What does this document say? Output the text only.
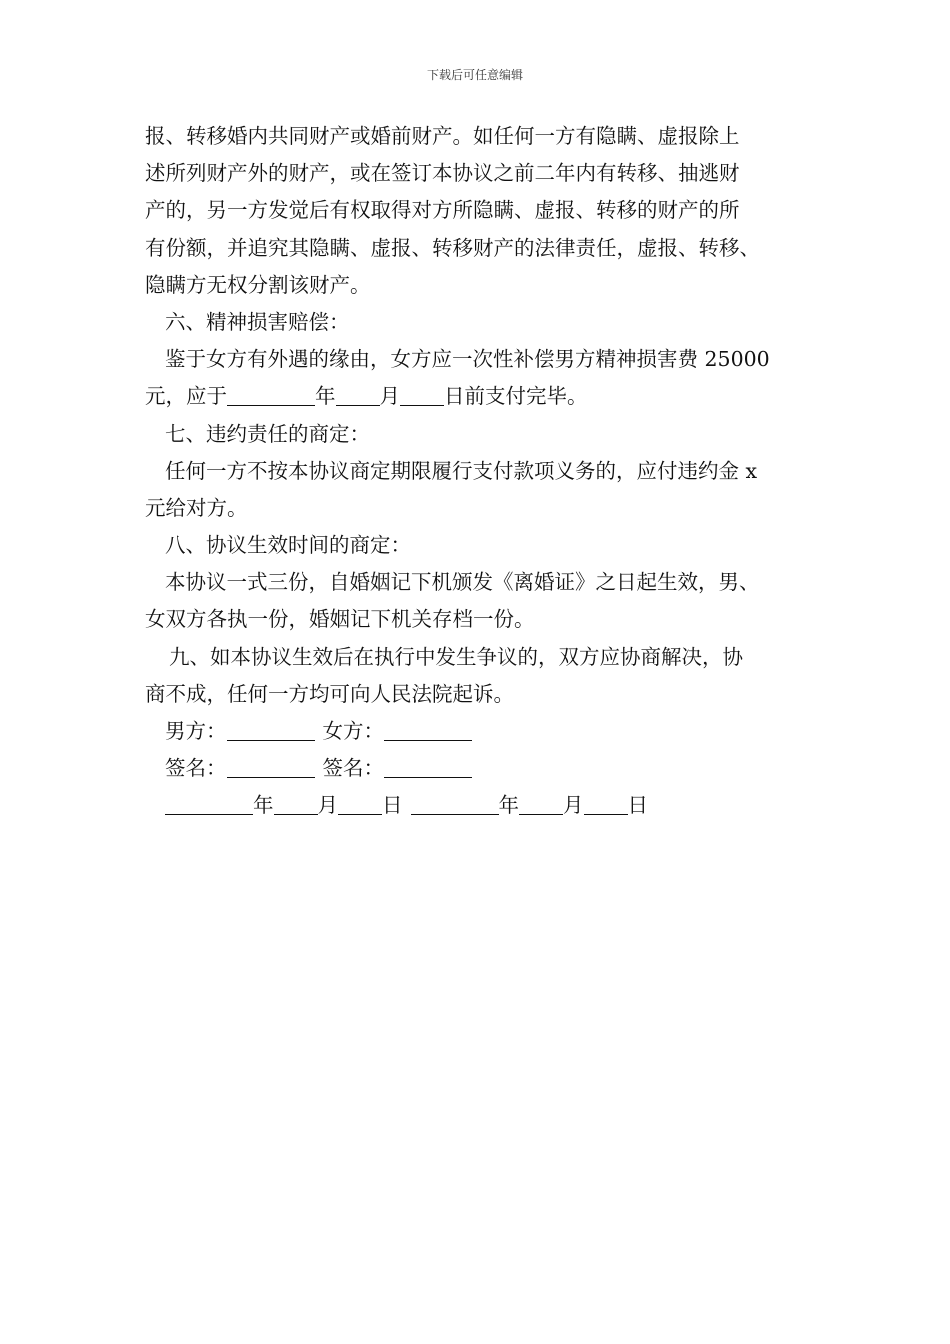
下载后可任意编辑
报、转移婚内共同财产或婚前财产。如任何一方有隐瞒、虚报除上
述所列财产外的财产，或在签订本协议之前二年内有转移、抽逃财
产的，另一方发觉后有权取得对方所隐瞒、虚报、转移的财产的所
有份额，并追究其隐瞒、虚报、转移财产的法律责任，虚报、转移、
隐瞒方无权分割该财产。
六、精神损害赔偿：
鉴于女方有外遇的缘由，女方应一次性补偿男方精神损害费 25000
元，应于	年 月 日前支付完毕。
七、违约责任的商定：
任何一方不按本协议商定期限履行支付款项义务的，应付违约金 x
元给对方。
八、协议生效时间的商定：
本协议一式三份，自婚姻记下机颁发《离婚证》之日起生效，男、
女双方各执一份，婚姻记下机关存档一份。
九、如本协议生效后在执行中发生争议的，双方应协商解决，协
商不成，任何一方均可向人民法院起诉。
男方：	女方：
签名：	签名：
年 月 日	年 月 日
